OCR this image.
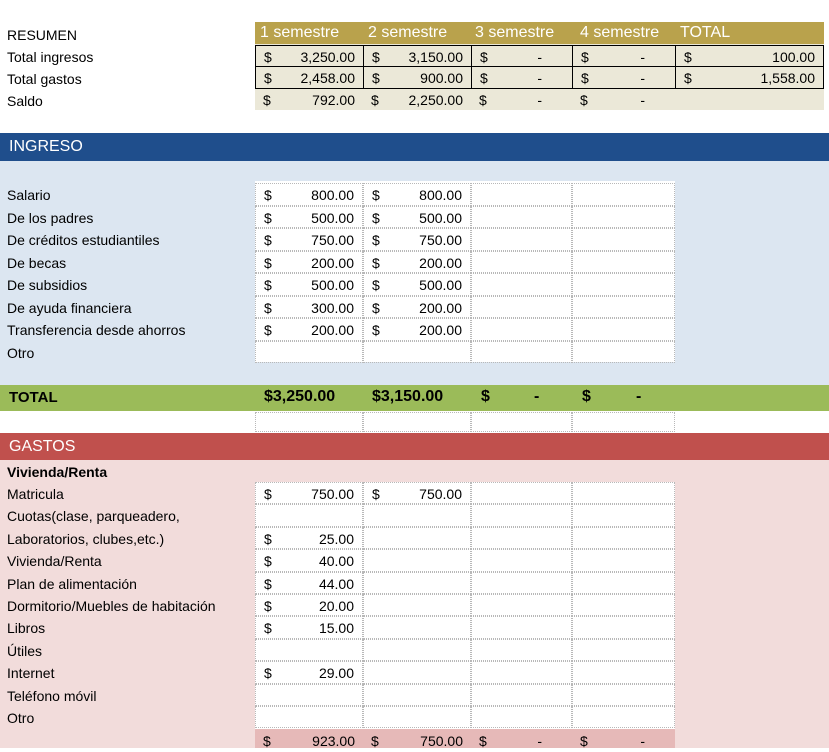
RESUMEN	1 semestre 2 semestre 3 semestre 4 semestre TOTAL
Total ingresos	$ 3,250.00 $ 3,150.00 $	-	$	-	$	100.00
Total gastos	$ 2,458.00 $	900.00 $	-	$	-	$	1,558.00
Saldo	$	792.00 $ 2,250.00 $	-	$	-
INGRESO
Salario	$	800.00 $	800.00
De los padres	$	500.00 $	500.00
De créditos estudiantiles	$	750.00 $	750.00
De becas	$	200.00 $	200.00
De subsidios	$	500.00 $	500.00
De ayuda financiera	$	300.00 $	200.00
Transferencia desde ahorros	$	200.00 $	200.00
Otro
TOTAL	$3,250.00 $3,150.00 $	-	$	-
GASTOS
Vivienda/Renta
Matricula	$	750.00 $	750.00
Cuotas(clase, parqueadero,
Laboratorios, clubes,etc.)	$	25.00
Vivienda/Renta	$	40.00
Plan de alimentación	$	44.00
Dormitorio/Muebles de habitación	$	20.00
Libros	$	15.00
Útiles
Internet	$	29.00
Teléfono móvil
Otro
$	923.00 $	750.00 $	-	$	-
